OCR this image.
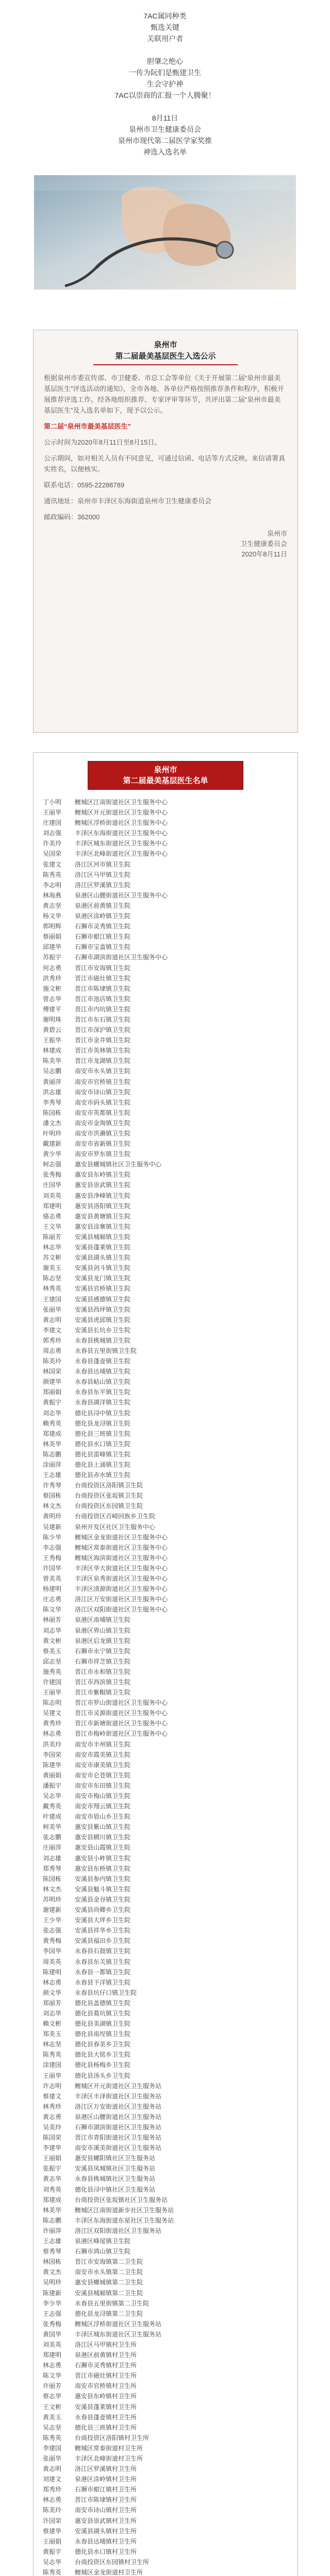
7AC属同种类
甄选关键
关联用户者
胆肇之绝心
一传为阮们是甄建卫生
生会守护神
7AC以崇商的汇报一个人腾聚！
8月11日
泉州市卫生健康委员会
泉州市现代第二届医学家奖推
神选入选名单
泉州市
第二届最美基层医生入选公示

根据泉州市委宣传部、市卫健委、市总工会等单位《关于开展第二届“泉州市最美基层医生”评选活动的通知》，全市各地、各单位严格按照推荐条件和程序，积极开展推荐评选工作。经各地组织推荐、专家评审等环节，共评出第二届“泉州市最美基层医生”及入选名单如下，现予以公示。

第二届“泉州市最美基层医生”

公示时间为2020年8月11日至8月15日。

公示期间，如对相关人员有不同意见，可通过信函、电话等方式反映。来信请署真实姓名，以便核实。

联系电话：0595-22288789

通讯地址：泉州市丰泽区东海街道泉州市卫生健康委员会

邮政编码：362000

泉州市
卫生健康委员会
2020年8月11日
泉州市
第二届最美基层医生名单
丁小明	鲤城区江南街道社区卫生服务中心
王丽华	鲤城区开元街道社区卫生服务中心
庄建国	鲤城区浮桥街道社区卫生服务中心
刘志强	丰泽区东海街道社区卫生服务中心
许美玲	丰泽区城东街道社区卫生服务中心
吴国荣	丰泽区北峰街道社区卫生服务中心
张建文	洛江区河市镇卫生院
陈秀英	洛江区马甲镇卫生院
李志明	洛江区罗溪镇卫生院
林海燕	泉港区山腰街道社区卫生服务中心
黄志坚	泉港区前黄镇卫生院
杨文华	泉港区涂岭镇卫生院
郭明辉	石狮市灵秀镇卫生院
蔡丽娟	石狮市蚶江镇卫生院
邱建华	石狮市宝盖镇卫生院
苏振宇	石狮市湖滨街道社区卫生服务中心
何志勇	晋江市安海镇卫生院
洪秀珍	晋江市磁灶镇卫生院
施文彬	晋江市陈埭镇卫生院
曾志华	晋江市池店镇卫生院
傅建平	晋江市内坑镇卫生院
谢明珠	晋江市东石镇卫生院
黄碧云	晋江市深沪镇卫生院
王振华	晋江市金井镇卫生院
林建成	晋江市英林镇卫生院
陈美华	晋江市龙湖镇卫生院
吴志鹏	南安市水头镇卫生院
黄丽萍	南安市官桥镇卫生院
洪志雄	南安市诗山镇卫生院
李秀琴	南安市码头镇卫生院
陈国栋	南安市英都镇卫生院
潘文杰	南安市金淘镇卫生院
叶明珍	南安市洪濑镇卫生院
戴建新	南安市省新镇卫生院
黄少华	南安市罗东镇卫生院
柯志强	惠安县螺城镇社区卫生服务中心
张秀梅	惠安县东岭镇卫生院
庄国华	惠安县崇武镇卫生院
刘美英	惠安县净峰镇卫生院
郑建明	惠安县洛阳镇卫生院
骆志勇	惠安县黄塘镇卫生院
王文华	惠安县涂寨镇卫生院
陈丽芳	安溪县城厢镇卫生院
林志华	安溪县蓬莱镇卫生院
苏文彬	安溪县湖头镇卫生院
谢美玉	安溪县剑斗镇卫生院
陈志坚	安溪县龙门镇卫生院
林秀英	安溪县官桥镇卫生院
王建国	安溪县感德镇卫生院
张丽华	安溪县西坪镇卫生院
黄志明	安溪县虎邱镇卫生院
李建文	安溪县长坑乡卫生院
郭秀珍	永春县桃城镇卫生院
周志勇	永春县五里街镇卫生院
陈美玲	永春县蓬壶镇卫生院
林国荣	永春县达埔镇卫生院
颜建华	永春县岵山镇卫生院
郑丽娟	永春县东平镇卫生院
黄振宇	永春县湖洋镇卫生院
刘志华	德化县浔中镇卫生院
赖秀英	德化县龙浔镇卫生院
郑建成	德化县三班镇卫生院
林美华	德化县水口镇卫生院
陈志鹏	德化县雷峰镇卫生院
涂丽萍	德化县上涌镇卫生院
王志雄	德化县赤水镇卫生院
许秀琴	台商投资区洛阳镇卫生院
蔡国栋	台商投资区张坂镇卫生院
林文杰	台商投资区东园镇卫生院
黄明珍	台商投资区百崎回族乡卫生院
吴建新	泉州开发区社区卫生服务中心
陈少华	鲤城区金龙街道社区卫生服务中心
李志强	鲤城区常泰街道社区卫生服务中心
王秀梅	鲤城区海滨街道社区卫生服务中心
许国华	丰泽区华大街道社区卫生服务中心
曾美英	丰泽区泉秀街道社区卫生服务中心
杨建明	丰泽区清源街道社区卫生服务中心
庄志勇	洛江区万安街道社区卫生服务中心
陈文华	洛江区双阳街道社区卫生服务中心
林丽芳	泉港区南埔镇卫生院
刘志华	泉港区界山镇卫生院
黄文彬	泉港区后龙镇卫生院
蔡美玉	石狮市永宁镇卫生院
邱志坚	石狮市祥芝镇卫生院
施秀英	晋江市永和镇卫生院
许建国	晋江市西滨镇卫生院
王丽华	晋江市紫帽镇卫生院
陈志明	晋江市罗山街道社区卫生服务中心
吴建文	晋江市灵源街道社区卫生服务中心
黄秀珍	晋江市新塘街道社区卫生服务中心
林志勇	晋江市梅岭街道社区卫生服务中心
洪美玲	南安市丰州镇卫生院
李国荣	南安市霞美镇卫生院
陈建华	南安市康美镇卫生院
黄丽娟	南安市仑苍镇卫生院
潘振宇	南安市东田镇卫生院
吴志华	南安市梅山镇卫生院
戴秀英	南安市翔云镇卫生院
叶建成	南安市眉山乡卫生院
柯美华	惠安县紫山镇卫生院
张志鹏	惠安县辋川镇卫生院
庄丽萍	惠安县山霞镇卫生院
刘志雄	惠安县小岞镇卫生院
郑秀琴	惠安县东桥镇卫生院
陈国栋	安溪县参内镇卫生院
林文杰	安溪县魁斗镇卫生院
苏明珍	安溪县金谷镇卫生院
谢建新	安溪县尚卿乡卫生院
王少华	安溪县大坪乡卫生院
张志强	安溪县祥华乡卫生院
黄秀梅	安溪县福田乡卫生院
李国华	永春县石鼓镇卫生院
周美英	永春县东关镇卫生院
陈建明	永春县一都镇卫生院
林志勇	永春县下洋镇卫生院
颜文华	永春县坑仔口镇卫生院
郑丽芳	德化县盖德镇卫生院
刘志华	德化县葛坑镇卫生院
赖文彬	德化县美湖镇卫生院
郑美玉	德化县南埕镇卫生院
林志坚	德化县春美乡卫生院
陈秀英	德化县大铭乡卫生院
涂建国	德化县杨梅乡卫生院
王丽华	德化县汤头乡卫生院
许志明	鲤城区开元街道社区卫生服务站
蔡建文	丰泽区丰泽街道社区卫生服务站
林秀珍	洛江区万安街道社区卫生服务站
黄志勇	泉港区山腰街道社区卫生服务站
吴美玲	石狮市湖滨街道社区卫生服务站
陈国荣	晋江市青阳街道社区卫生服务站
李建华	南安市溪美街道社区卫生服务站
王丽娟	惠安县螺阳镇社区卫生服务站
张振宇	安溪县凤城镇社区卫生服务站
黄志华	永春县桃城镇社区卫生服务站
刘秀英	德化县浔中镇社区卫生服务站
郑建成	台商投资区张坂镇社区卫生服务站
林美华	鲤城区江南街道新步社区卫生服务站
陈志鹏	丰泽区东海街道东星社区卫生服务站
许丽萍	洛江区双阳街道社区卫生服务站
王志雄	泉港区峰尾镇卫生院
蔡秀琴	石狮市鸿山镇卫生院
林国栋	晋江市安海镇第二卫生院
黄文杰	南安市水头镇第二卫生院
吴明珍	惠安县螺城镇第二卫生院
陈建新	安溪县城厢镇第二卫生院
李少华	永春县五里街镇第二卫生院
王志强	德化县龙浔镇第二卫生院
张秀梅	鲤城区浮桥街道社区卫生服务站
黄国华	丰泽区城东街道社区卫生服务站
刘美英	洛江区马甲镇村卫生所
郑建明	泉港区前黄镇村卫生所
林志勇	石狮市灵秀镇村卫生所
陈文华	晋江市磁灶镇村卫生所
许丽芳	南安市官桥镇村卫生所
蔡志华	惠安县东岭镇村卫生所
王文彬	安溪县蓬莱镇村卫生所
黄美玉	永春县蓬壶镇村卫生所
吴志坚	德化县三班镇村卫生所
陈秀英	台商投资区洛阳镇村卫生所
李建国	鲤城区常泰街道村卫生所
张丽华	丰泽区北峰街道村卫生所
黄志明	洛江区罗溪镇村卫生所
刘建文	泉港区涂岭镇村卫生所
郑秀珍	石狮市蚶江镇村卫生所
林志勇	晋江市陈埭镇村卫生所
陈美玲	南安市诗山镇村卫生所
许国荣	惠安县崇武镇村卫生所
蔡建华	安溪县湖头镇村卫生所
王丽娟	永春县达埔镇村卫生所
黄振宇	德化县水口镇村卫生所
吴志华	台商投资区东园镇村卫生所
陈秀英	鲤城区金龙街道村卫生所
